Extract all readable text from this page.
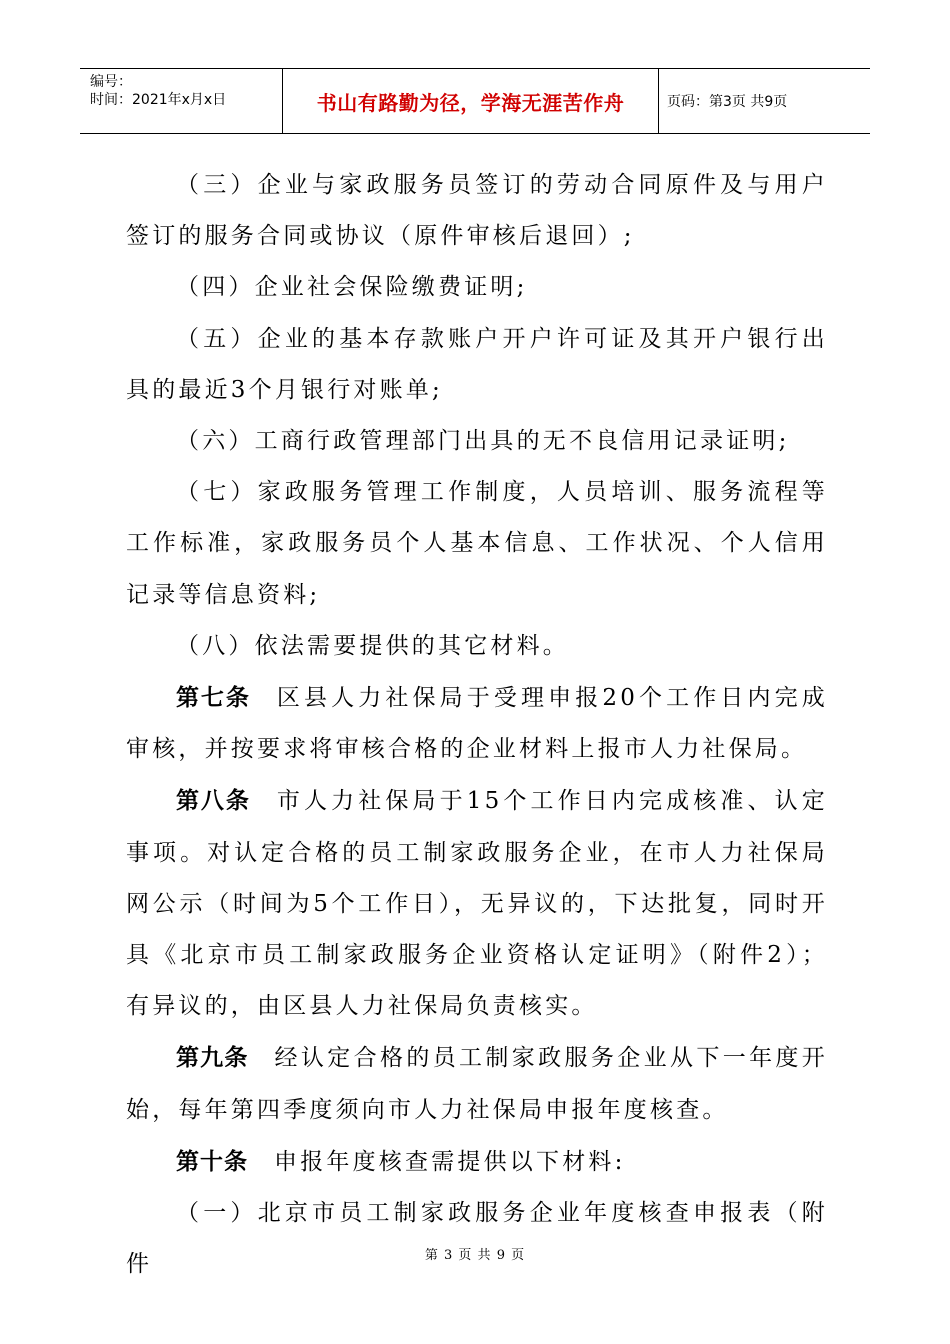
编号：
时间：2021年x月x日	书山有路勤为径，学海无涯苦作舟	页码：第3页 共9页

（三）企业与家政服务员签订的劳动合同原件及与用户签订的服务合同或协议（原件审核后退回）;

（四）企业社会保险缴费证明;

（五）企业的基本存款账户开户许可证及其开户银行出具的最近3个月银行对账单;

（六）工商行政管理部门出具的无不良信用记录证明;

（七）家政服务管理工作制度，人员培训、服务流程等工作标准，家政服务员个人基本信息、工作状况、个人信用记录等信息资料;

（八）依法需要提供的其它材料。

第七条 区县人力社保局于受理申报20个工作日内完成审核，并按要求将审核合格的企业材料上报市人力社保局。

第八条 市人力社保局于15个工作日内完成核准、认定事项。对认定合格的员工制家政服务企业，在市人力社保局网公示（时间为5个工作日），无异议的，下达批复，同时开具《北京市员工制家政服务企业资格认定证明》（附件2）；有异议的，由区县人力社保局负责核实。

第九条 经认定合格的员工制家政服务企业从下一年度开始，每年第四季度须向市人力社保局申报年度核查。

第十条 申报年度核查需提供以下材料:

（一）北京市员工制家政服务企业年度核查申报表（附件	第 3 页 共 9 页
